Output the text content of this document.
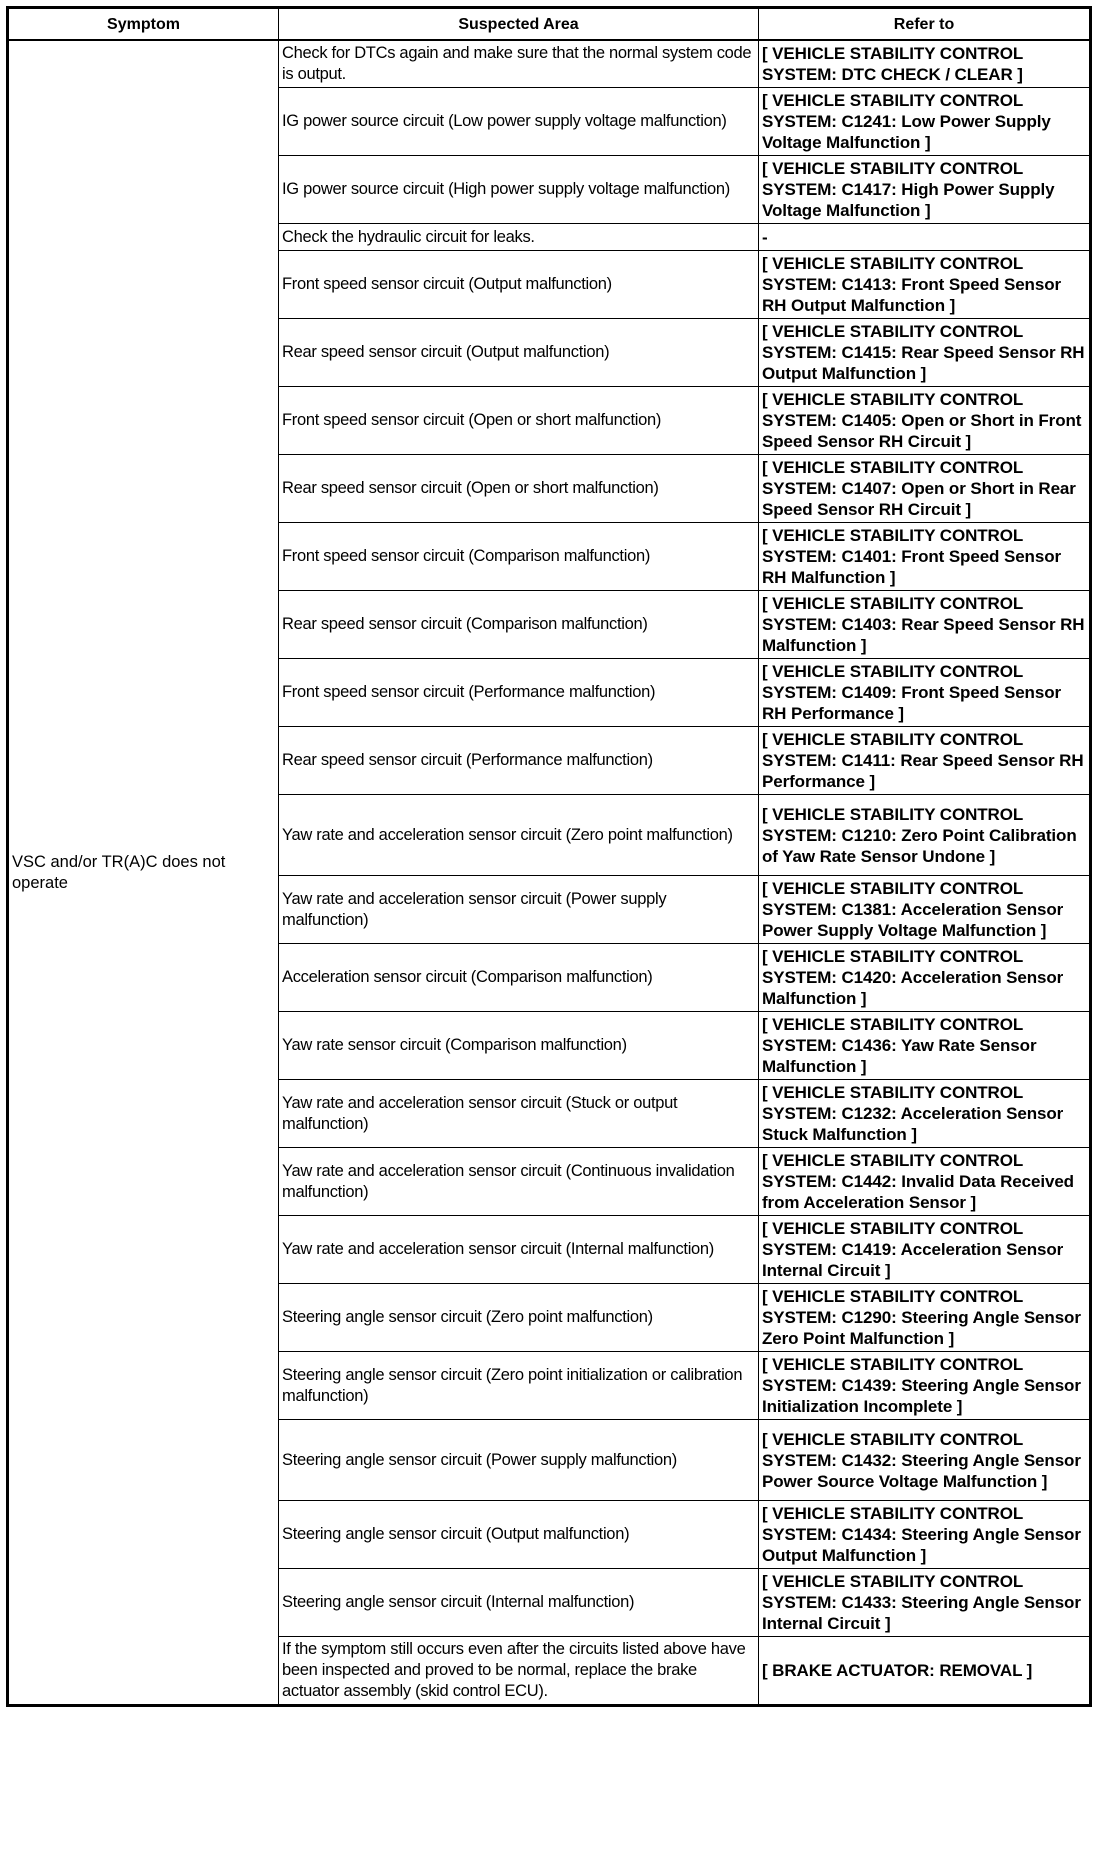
Symptom	Suspected Area	Refer to
VSC and/or TR(A)C does not operate	Check for DTCs again and make sure that the normal system code is output.	[ VEHICLE STABILITY CONTROL SYSTEM: DTC CHECK / CLEAR ]
	IG power source circuit (Low power supply voltage malfunction)	[ VEHICLE STABILITY CONTROL SYSTEM: C1241: Low Power Supply Voltage Malfunction ]
	IG power source circuit (High power supply voltage malfunction)	[ VEHICLE STABILITY CONTROL SYSTEM: C1417: High Power Supply Voltage Malfunction ]
	Check the hydraulic circuit for leaks.	-
	Front speed sensor circuit (Output malfunction)	[ VEHICLE STABILITY CONTROL SYSTEM: C1413: Front Speed Sensor RH Output Malfunction ]
	Rear speed sensor circuit (Output malfunction)	[ VEHICLE STABILITY CONTROL SYSTEM: C1415: Rear Speed Sensor RH Output Malfunction ]
	Front speed sensor circuit (Open or short malfunction)	[ VEHICLE STABILITY CONTROL SYSTEM: C1405: Open or Short in Front Speed Sensor RH Circuit ]
	Rear speed sensor circuit (Open or short malfunction)	[ VEHICLE STABILITY CONTROL SYSTEM: C1407: Open or Short in Rear Speed Sensor RH Circuit ]
	Front speed sensor circuit (Comparison malfunction)	[ VEHICLE STABILITY CONTROL SYSTEM: C1401: Front Speed Sensor RH Malfunction ]
	Rear speed sensor circuit (Comparison malfunction)	[ VEHICLE STABILITY CONTROL SYSTEM: C1403: Rear Speed Sensor RH Malfunction ]
	Front speed sensor circuit (Performance malfunction)	[ VEHICLE STABILITY CONTROL SYSTEM: C1409: Front Speed Sensor RH Performance ]
	Rear speed sensor circuit (Performance malfunction)	[ VEHICLE STABILITY CONTROL SYSTEM: C1411: Rear Speed Sensor RH Performance ]
	Yaw rate and acceleration sensor circuit (Zero point malfunction)	[ VEHICLE STABILITY CONTROL SYSTEM: C1210: Zero Point Calibration of Yaw Rate Sensor Undone ]
	Yaw rate and acceleration sensor circuit (Power supply malfunction)	[ VEHICLE STABILITY CONTROL SYSTEM: C1381: Acceleration Sensor Power Supply Voltage Malfunction ]
	Acceleration sensor circuit (Comparison malfunction)	[ VEHICLE STABILITY CONTROL SYSTEM: C1420: Acceleration Sensor Malfunction ]
	Yaw rate sensor circuit (Comparison malfunction)	[ VEHICLE STABILITY CONTROL SYSTEM: C1436: Yaw Rate Sensor Malfunction ]
	Yaw rate and acceleration sensor circuit (Stuck or output malfunction)	[ VEHICLE STABILITY CONTROL SYSTEM: C1232: Acceleration Sensor Stuck Malfunction ]
	Yaw rate and acceleration sensor circuit (Continuous invalidation malfunction)	[ VEHICLE STABILITY CONTROL SYSTEM: C1442: Invalid Data Received from Acceleration Sensor ]
	Yaw rate and acceleration sensor circuit (Internal malfunction)	[ VEHICLE STABILITY CONTROL SYSTEM: C1419: Acceleration Sensor Internal Circuit ]
	Steering angle sensor circuit (Zero point malfunction)	[ VEHICLE STABILITY CONTROL SYSTEM: C1290: Steering Angle Sensor Zero Point Malfunction ]
	Steering angle sensor circuit (Zero point initialization or calibration malfunction)	[ VEHICLE STABILITY CONTROL SYSTEM: C1439: Steering Angle Sensor Initialization Incomplete ]
	Steering angle sensor circuit (Power supply malfunction)	[ VEHICLE STABILITY CONTROL SYSTEM: C1432: Steering Angle Sensor Power Source Voltage Malfunction ]
	Steering angle sensor circuit (Output malfunction)	[ VEHICLE STABILITY CONTROL SYSTEM: C1434: Steering Angle Sensor Output Malfunction ]
	Steering angle sensor circuit (Internal malfunction)	[ VEHICLE STABILITY CONTROL SYSTEM: C1433: Steering Angle Sensor Internal Circuit ]
	If the symptom still occurs even after the circuits listed above have been inspected and proved to be normal, replace the brake actuator assembly (skid control ECU).	[ BRAKE ACTUATOR: REMOVAL ]
